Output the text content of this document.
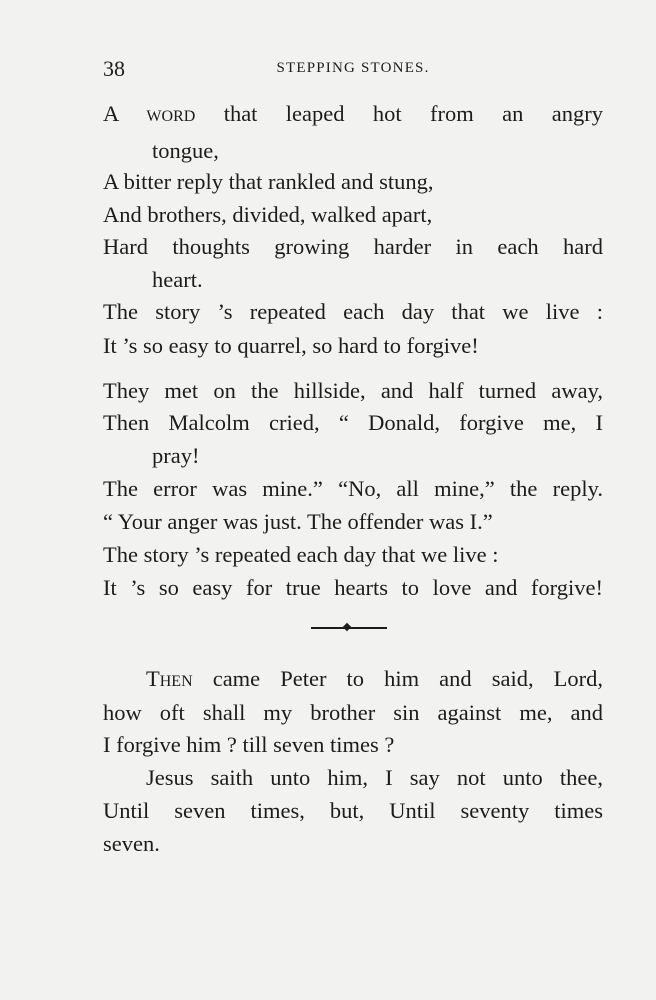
38	STEPPING STONES.
A word that leaped hot from an angry
tongue,
A bitter reply that rankled and stung,
And brothers, divided, walked apart,
Hard thoughts growing harder in each hard
heart.
The story ’s repeated each day that we live :
It ’s so easy to quarrel, so hard to forgive!
They met on the hillside, and half turned away,
Then Malcolm cried, “ Donald, forgive me, I
pray!
The error was mine.” “No, all mine,” the reply.
“ Your anger was just. The offender was I.”
The story ’s repeated each day that we live :
It ’s so easy for true hearts to love and forgive!
Then came Peter to him and said, Lord,
how oft shall my brother sin against me, and
I forgive him ? till seven times ?
Jesus saith unto him, I say not unto thee,
Until seven times, but, Until seventy times
seven.
